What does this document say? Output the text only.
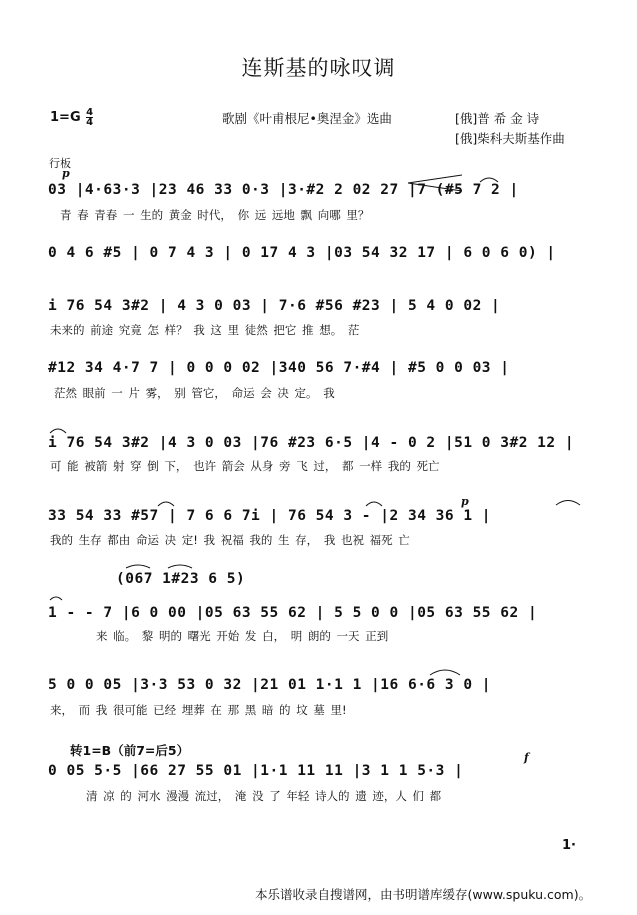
连斯基的咏叹调
$1=G \frac{4}{4}$	歌剧《叶甫根尼•奥涅金》选曲	[俄]普 希 金 诗
[俄]柴科夫斯基作曲
行板
p
03 |4·63·3 |23 46 33 0·3 |3·#2 2 02 27 |7 (#5 7 2 |
青 春 青春 一 生的 黄金 时代， 你 远 远地 飘 向哪 里？
0 4 6 #5 | 0 7 4 3 | 0 17 4 3 |03 54 32 17 | 6 0 6 0) |
i 76 54 3#2 | 4 3 0 03 | 7·6 #56 #23 | 5 4 0 02 |
未来的 前途 究竟 怎 样？ 我 这 里 徒然 把它 推 想。 茫
#12 34 4·7 7 | 0 0 0 02 |340 56 7·#4 | #5 0 0 03 |
茫然 眼前 一 片 雾， 别 管它， 命运 会 决 定。 我
i 76 54 3#2 |4 3 0 03 |76 #23 6·5 |4 - 0 2 |51 0 3#2 12 |
可 能 被箭 射 穿 倒 下， 也许 箭会 从身 旁 飞 过， 都 一样 我的 死亡
p
33 54 33 #57 | 7 6 6 7i | 76 54 3 - |2 34 36 1 |
我的 生存 都由 命运 决 定! 我 祝福 我的 生 存， 我 也祝 福死 亡
(067 1#23 6 5)
1 - - 7 |6 0 00 |05 63 55 62 | 5 5 0 0 |05 63 55 62 |
来 临。 黎 明的 曙光 开始 发 白， 明 朗的 一天 正到
5 0 0 05 |3·3 53 0 32 |21 01 1·1 1 |16 6·6 3 0 |
来， 而 我 很可能 已经 埋葬 在 那 黑 暗 的 坟 墓 里!
转1=B（前7=后5）	f
0 05 5·5 |66 27 55 01 |1·1 11 11 |3 1 1 5·3 |
清 凉 的 河水 漫漫 流过， 淹 没 了 年轻 诗人的 遗 迹，人 们 都
1·
本乐谱收录自搜谱网，由书明谱库缓存(www.spuku.com)。
